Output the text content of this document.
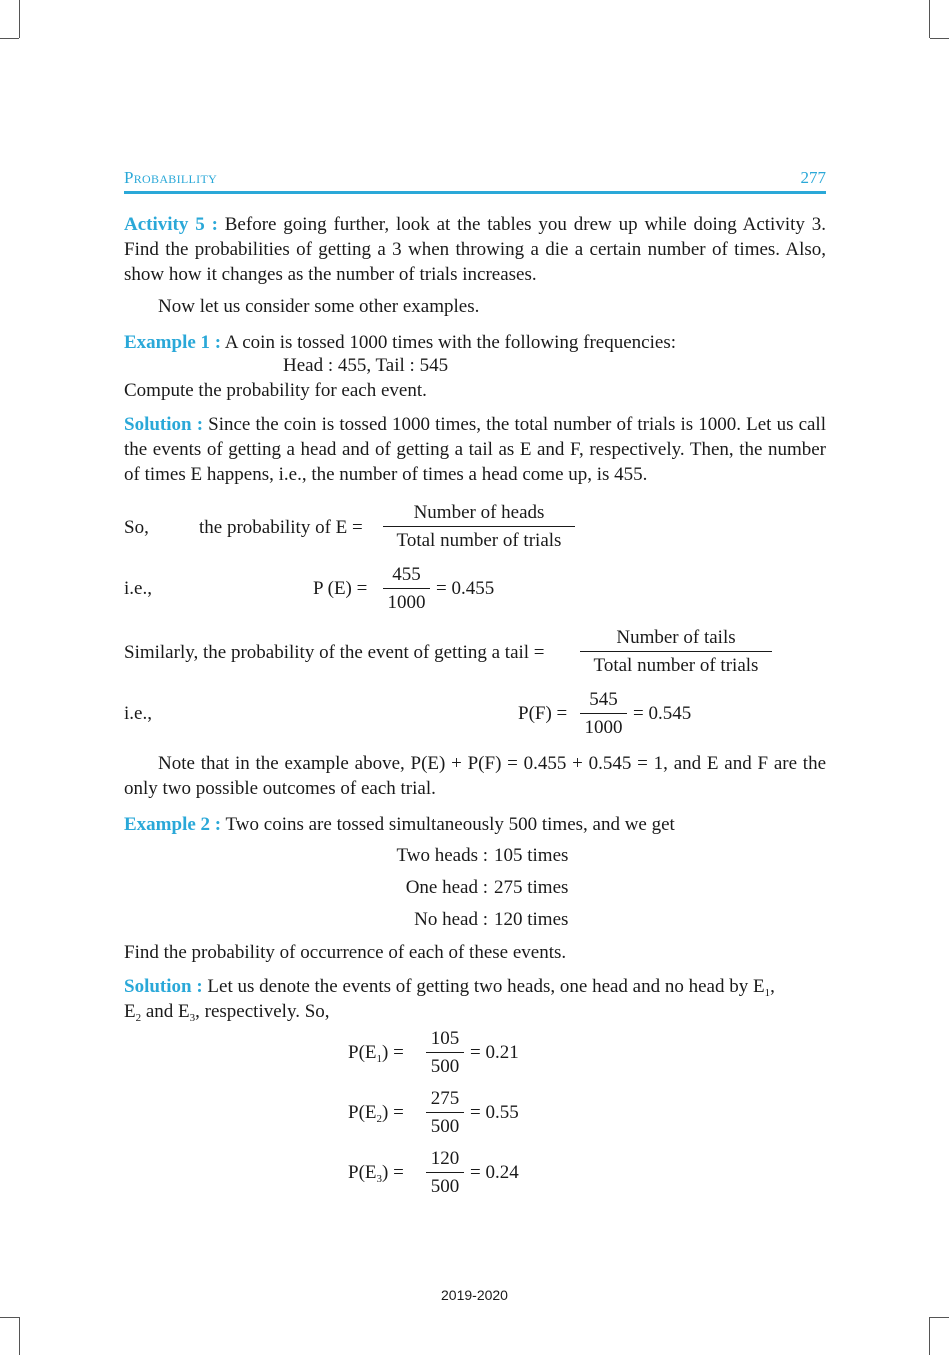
Probabillity	277
Activity 5 : Before going further, look at the tables you drew up while doing Activity 3. Find the probabilities of getting a 3 when throwing a die a certain number of times. Also, show how it changes as the number of trials increases.
Now let us consider some other examples.
Example 1 : A coin is tossed 1000 times with the following frequencies:
Head : 455, Tail : 545
Compute the probability for each event.
Solution : Since the coin is tossed 1000 times, the total number of trials is 1000. Let us call the events of getting a head and of getting a tail as E and F, respectively. Then, the number of times E happens, i.e., the number of times a head come up, is 455.
So,	the probability of E =
Number of heads
Total number of trials
i.e.,	P (E) =
455
1000
= 0.455
Similarly, the probability of the event of getting a tail =
Number of tails
Total number of trials
i.e.,	P(F) =
545
1000
= 0.545
Note that in the example above, P(E) + P(F) = 0.455 + 0.545 = 1, and E and F are the only two possible outcomes of each trial.
Example 2 : Two coins are tossed simultaneously 500 times, and we get
Two heads : 105 times
One head : 275 times
No head : 120 times
Find the probability of occurrence of each of these events.
Solution : Let us denote the events of getting two heads, one head and no head by $E_1$,
$E_2$ and $E_3$, respectively. So,
$P(E_1)$ =
105
500
= 0.21
$P(E_2)$ =
275
500
= 0.55
$P(E_3)$ =
120
500
= 0.24
2019-2020
